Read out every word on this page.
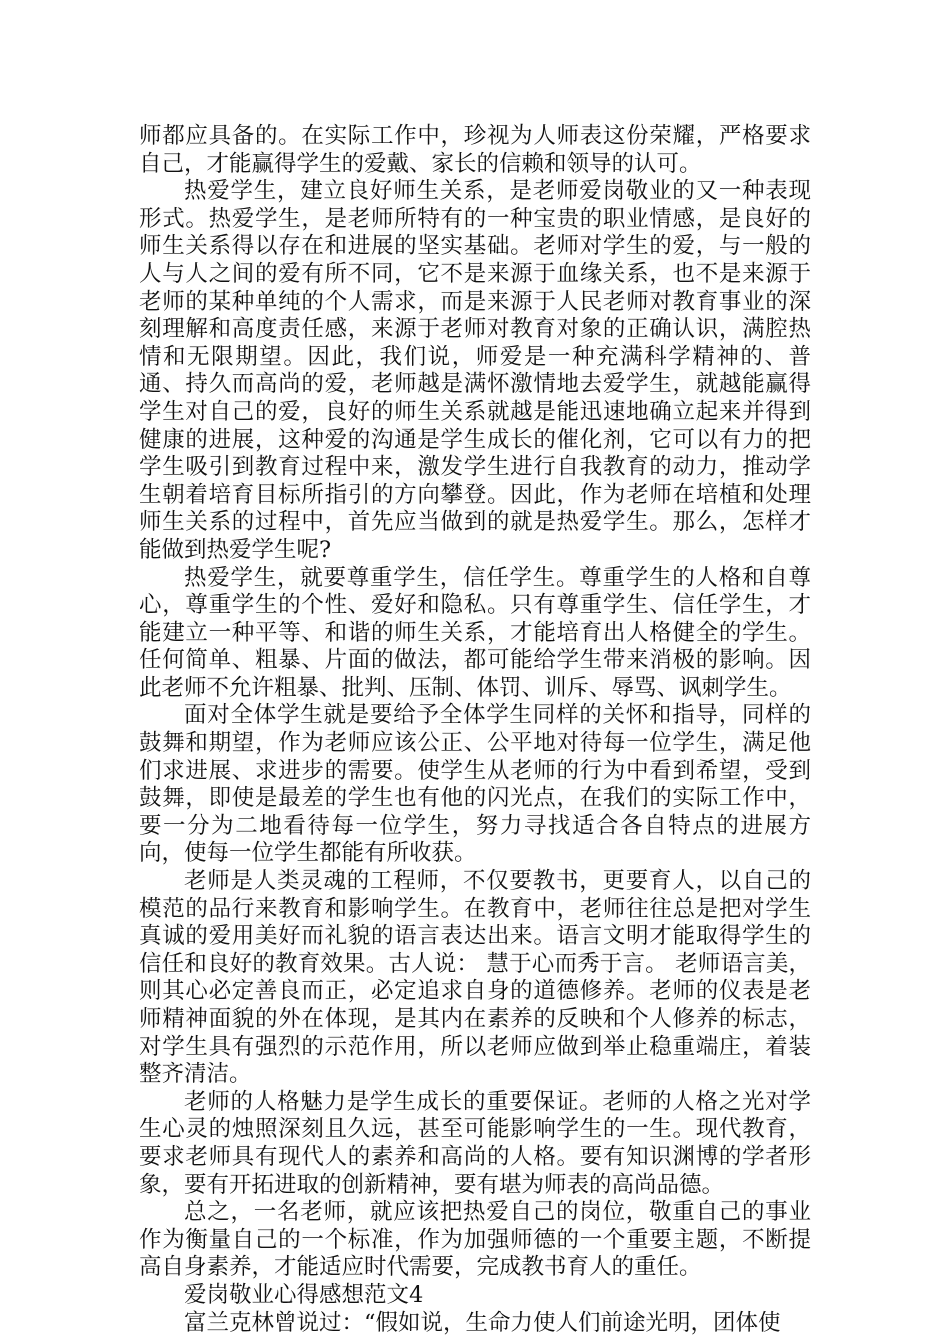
师都应具备的。在实际工作中，珍视为人师表这份荣耀，严格要求自己，才能赢得学生的爱戴、家长的信赖和领导的认可。

热爱学生，建立良好师生关系，是老师爱岗敬业的又一种表现形式。热爱学生，是老师所特有的一种宝贵的职业情感，是良好的师生关系得以存在和进展的坚实基础。老师对学生的爱，与一般的人与人之间的爱有所不同，它不是来源于血缘关系，也不是来源于老师的某种单纯的个人需求，而是来源于人民老师对教育事业的深刻理解和高度责任感，来源于老师对教育对象的正确认识，满腔热情和无限期望。因此，我们说，师爱是一种充满科学精神的、普通、持久而高尚的爱，老师越是满怀激情地去爱学生，就越能赢得学生对自己的爱，良好的师生关系就越是能迅速地确立起来并得到健康的进展，这种爱的沟通是学生成长的催化剂，它可以有力的把学生吸引到教育过程中来，激发学生进行自我教育的动力，推动学生朝着培育目标所指引的方向攀登。因此，作为老师在培植和处理师生关系的过程中，首先应当做到的就是热爱学生。那么，怎样才能做到热爱学生呢?

热爱学生，就要尊重学生，信任学生。尊重学生的人格和自尊心，尊重学生的个性、爱好和隐私。只有尊重学生、信任学生，才能建立一种平等、和谐的师生关系，才能培育出人格健全的学生。任何简单、粗暴、片面的做法，都可能给学生带来消极的影响。因此老师不允许粗暴、批判、压制、体罚、训斥、辱骂、讽刺学生。

面对全体学生就是要给予全体学生同样的关怀和指导，同样的鼓舞和期望，作为老师应该公正、公平地对待每一位学生，满足他们求进展、求进步的需要。使学生从老师的行为中看到希望，受到鼓舞，即使是最差的学生也有他的闪光点，在我们的实际工作中，要一分为二地看待每一位学生，努力寻找适合各自特点的进展方向，使每一位学生都能有所收获。

老师是人类灵魂的工程师，不仅要教书，更要育人，以自己的模范的品行来教育和影响学生。在教育中，老师往往总是把对学生真诚的爱用美好而礼貌的语言表达出来。语言文明才能取得学生的信任和良好的教育效果。古人说： 慧于心而秀于言。 老师语言美，则其心必定善良而正，必定追求自身的道德修养。老师的仪表是老师精神面貌的外在体现，是其内在素养的反映和个人修养的标志，对学生具有强烈的示范作用，所以老师应做到举止稳重端庄，着装整齐清洁。

老师的人格魅力是学生成长的重要保证。老师的人格之光对学生心灵的烛照深刻且久远，甚至可能影响学生的一生。现代教育，要求老师具有现代人的素养和高尚的人格。要有知识渊博的学者形象，要有开拓进取的创新精神，要有堪为师表的高尚品德。

总之，一名老师，就应该把热爱自己的岗位，敬重自己的事业作为衡量自己的一个标准，作为加强师德的一个重要主题，不断提高自身素养，才能适应时代需要，完成教书育人的重任。

爱岗敬业心得感想范文4

富兰克林曾说过：“假如说，生命力使人们前途光明，团体使
